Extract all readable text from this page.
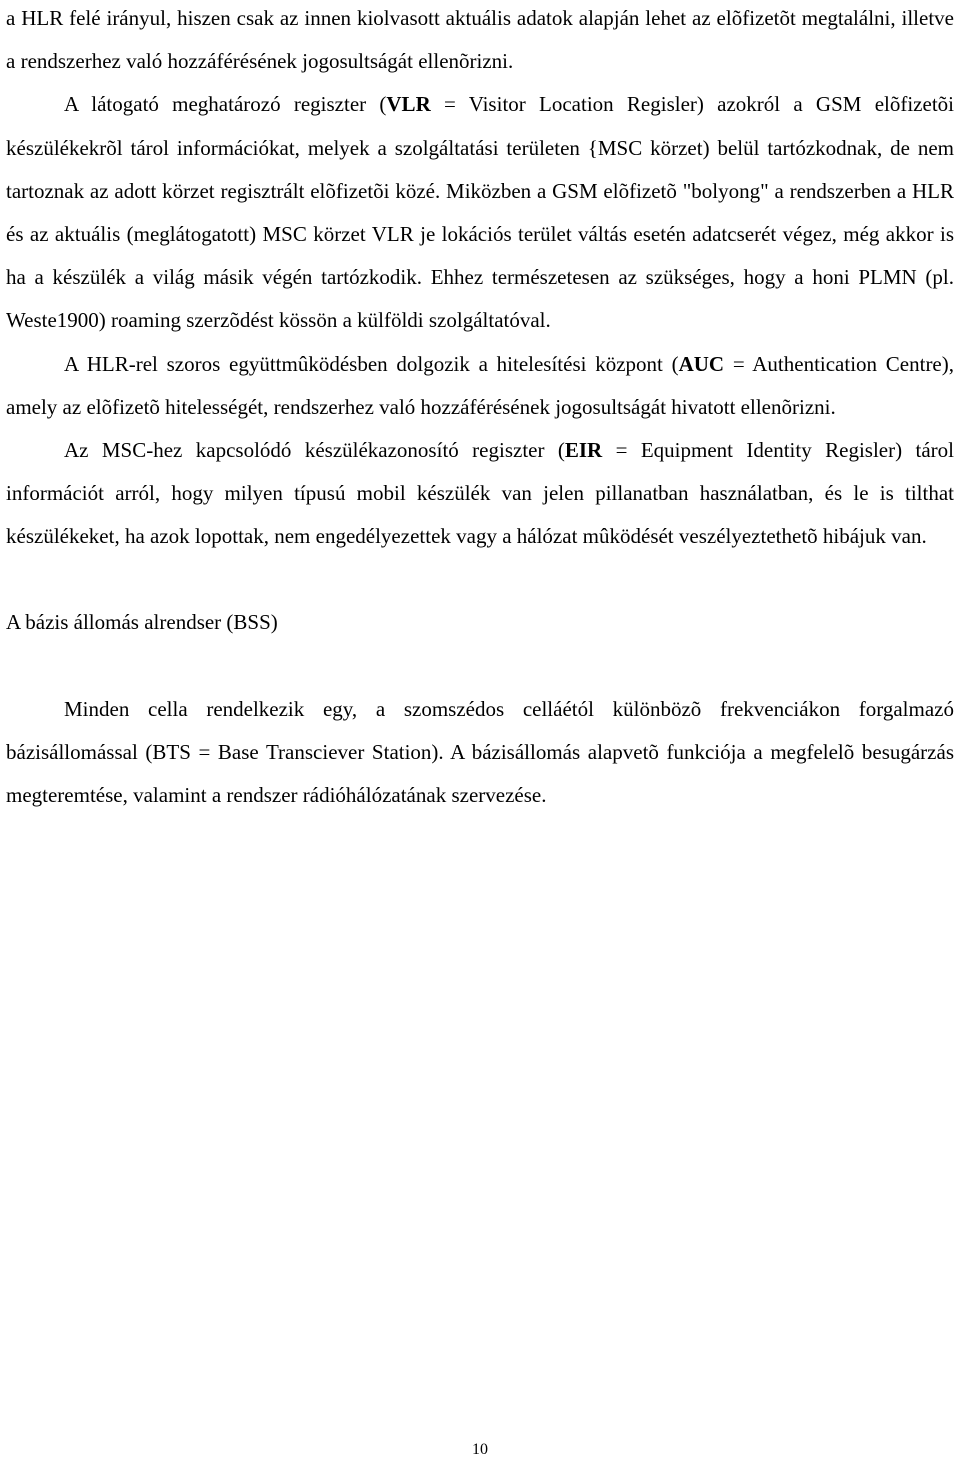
a HLR felé irányul, hiszen csak az innen kiolvasott aktuális adatok alapján lehet az elõfizetõt megtalálni, illetve a rendszerhez való hozzáférésének jogosultságát ellenõrizni.

A látogató meghatározó regiszter (VLR = Visitor Location Regisler) azokról a GSM elõfizetõi készülékekrõl tárol információkat, melyek a szolgáltatási területen {MSC körzet) belül tartózkodnak, de nem tartoznak az adott körzet regisztrált elõfizetõi közé. Miközben a GSM elõfizetõ "bolyong" a rendszerben a HLR és az aktuális (meglátogatott) MSC körzet VLR je lokációs terület váltás esetén adatcserét végez, még akkor is ha a készülék a világ másik végén tartózkodik. Ehhez természetesen az szükséges, hogy a honi PLMN (pl. Weste1900) roaming szerzõdést kössön a külföldi szolgáltatóval.

A HLR-rel szoros együttmûködésben dolgozik a hitelesítési központ (AUC = Authentication Centre), amely az elõfizetõ hitelességét, rendszerhez való hozzáférésének jogosultságát hivatott ellenõrizni.

Az MSC-hez kapcsolódó készülékazonosító regiszter (EIR = Equipment Identity Regisler) tárol információt arról, hogy milyen típusú mobil készülék van jelen pillanatban használatban, és le is tilthat készülékeket, ha azok lopottak, nem engedélyezettek vagy a hálózat mûködését veszélyeztethetõ hibájuk van.

A bázis állomás alrendser (BSS)

Minden cella rendelkezik egy, a szomszédos celláétól különbözõ frekvenciákon forgalmazó bázisállomással (BTS = Base Transciever Station). A bázisállomás alapvetõ funkciója a megfelelõ besugárzás megteremtése, valamint a rendszer rádióhálózatának szervezése.

10
